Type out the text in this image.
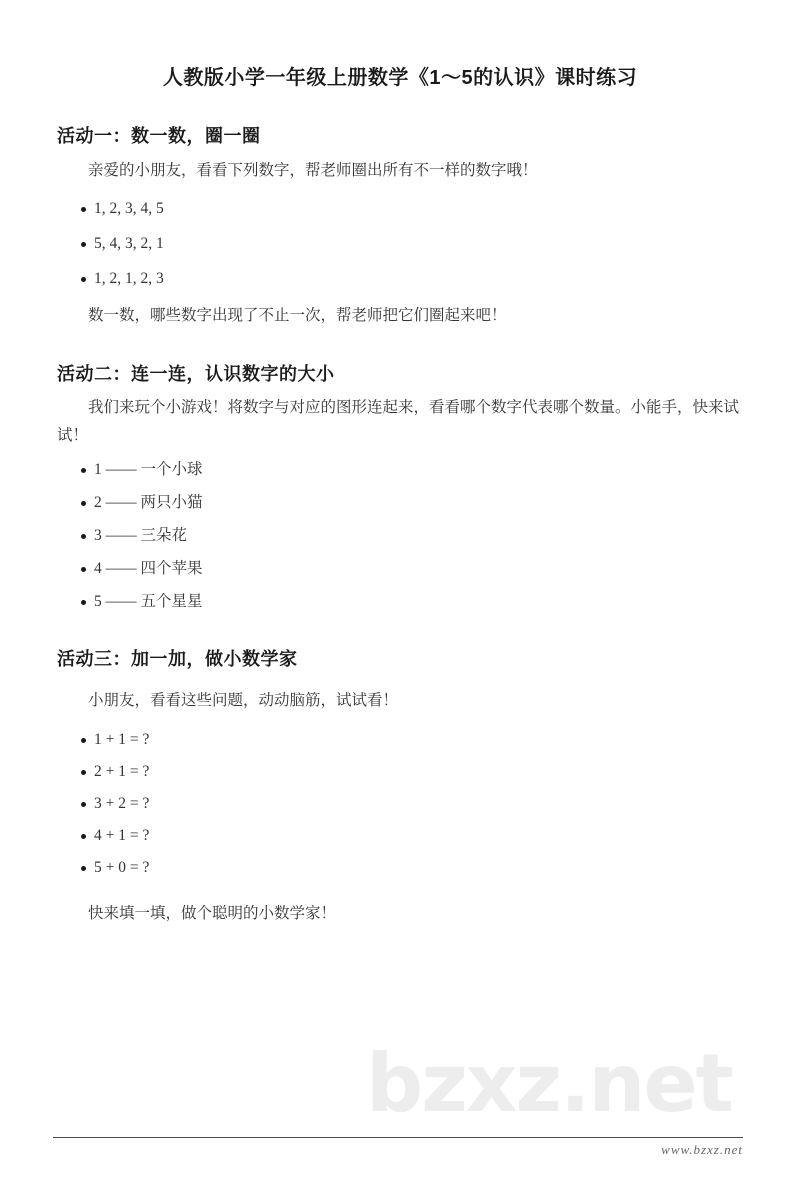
人教版小学一年级上册数学《1～5的认识》课时练习
活动一：数一数，圈一圈

亲爱的小朋友，看看下列数字，帮老师圈出所有不一样的数字哦！

1, 2, 3, 4, 5
5, 4, 3, 2, 1
1, 2, 1, 2, 3

数一数，哪些数字出现了不止一次，帮老师把它们圈起来吧！

活动二：连一连，认识数字的大小

我们来玩个小游戏！将数字与对应的图形连起来，看看哪个数字代表哪个数量。小能手，快来试试！

1 —— 一个小球
2 —— 两只小猫
3 —— 三朵花
4 —— 四个苹果
5 —— 五个星星
活动三：加一加，做小数学家

小朋友，看看这些问题，动动脑筋，试试看！

1 + 1 = ?
2 + 1 = ?
3 + 2 = ?
4 + 1 = ?
5 + 0 = ?

快来填一填，做个聪明的小数学家！

bzxz.net
www.bzxz.net
